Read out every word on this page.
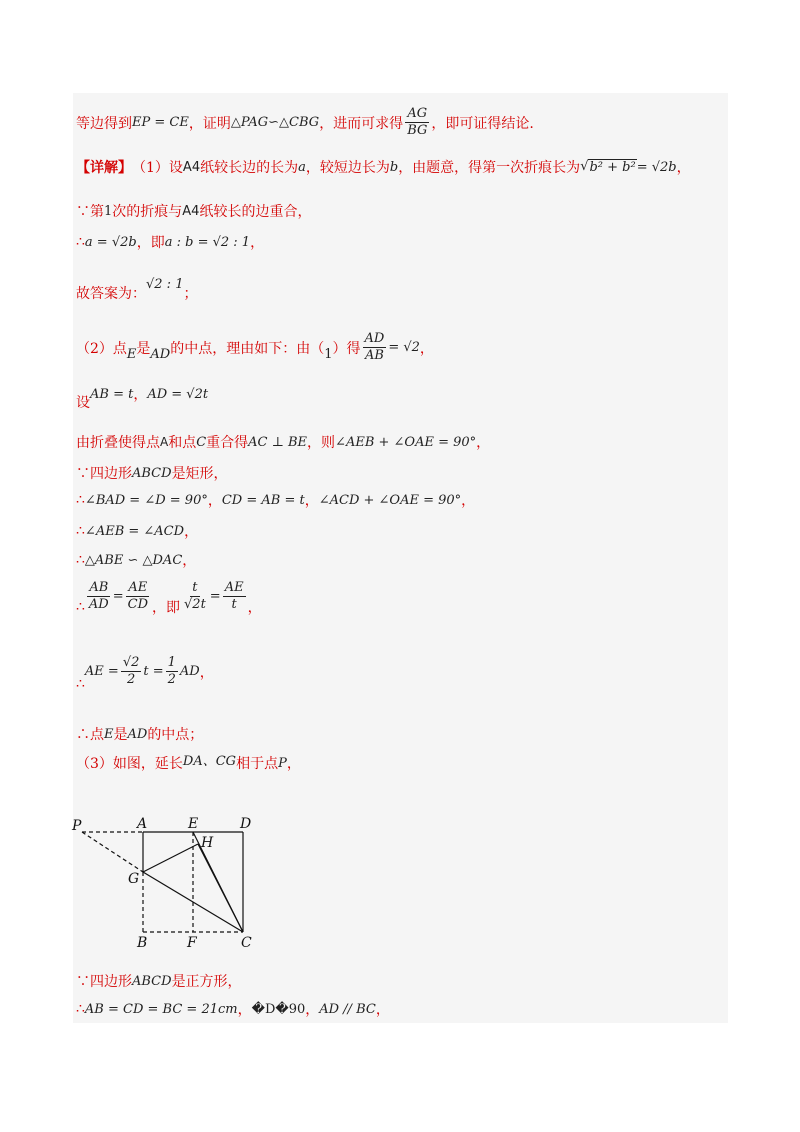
等边得到 EP = CE ，证明 △PAG∽△CBG ，进而可求得 $\frac{AG}{BG}$ ，即可证得结论.
【详解】 （1）设 A4 纸较长边的长为 a ，较短边长为 b ，由题意，得第一次折痕长为 √ b² + b² = √2b ，
∵第 1 次的折痕与 A4 纸较长的边重合，
∴ a = √2b ，即 a : b = √2 : 1 ，
故答案为：
√2 : 1
；
（2）点 E 是 AD 的中点，理由如下：由（ 1 ）得 $\frac{AD}{AB} = √2$ ，
设
AB = t ， AD = √2t
由折叠使得点 A 和点 C 重合得 AC ⊥ BE ，则 ∠AEB + ∠OAE = 90° ，
∵四边形 ABCD 是矩形，
∴ ∠BAD = ∠D = 90° ， CD = AB = t ， ∠ACD + ∠OAE = 90° ，
∴ ∠AEB = ∠ACD ，
∴ △ABE ∽ △DAC ，
∴ $\frac{AB}{AD} = \frac{AE}{CD}$ ，即 $\frac{t}{√2t} = \frac{AE}{t}$ ，
∴
AE = $\frac{√2}{2}$ $t = \frac{1}{2}$ AD ，
∴点 E 是 AD 的中点；
（3）如图，延长 DA、CG 相于点 P ，
P	A	E	D
H
G
B	F	C
∵四边形 ABCD 是正方形，
∴ AB = CD = BC = 21cm ， �D�90 ， AD // BC ，
